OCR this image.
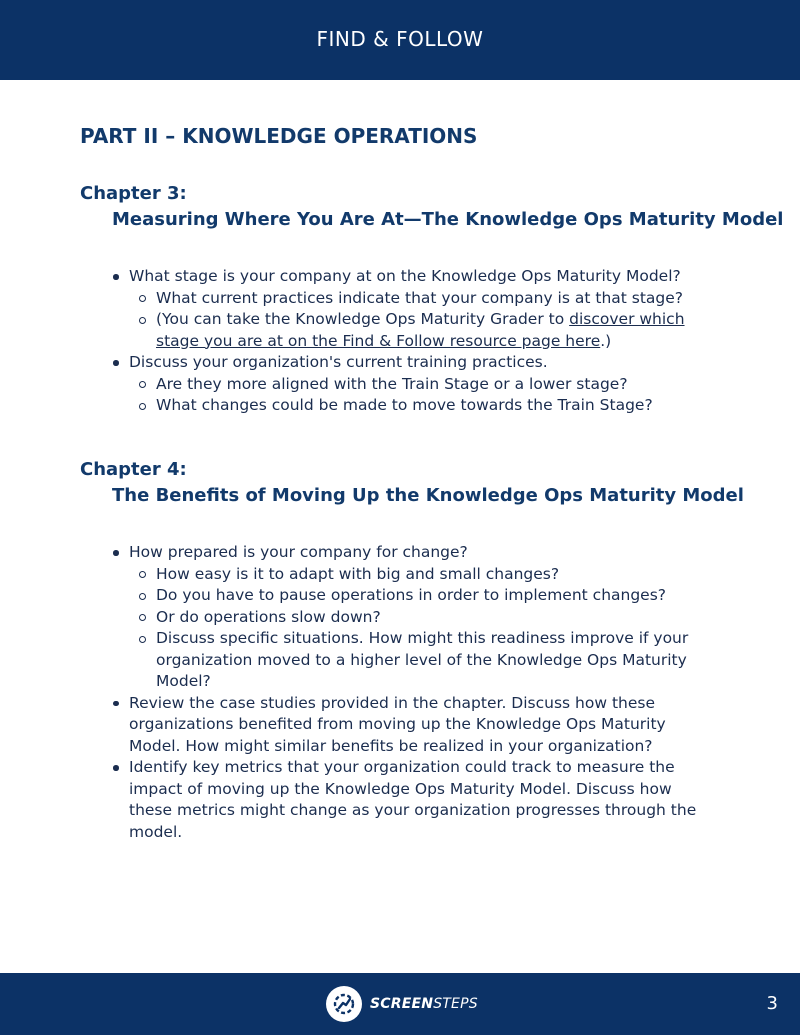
FIND & FOLLOW
PART II – KNOWLEDGE OPERATIONS
Chapter 3:
Measuring Where You Are At—The Knowledge Ops Maturity Model
What stage is your company at on the Knowledge Ops Maturity Model?
What current practices indicate that your company is at that stage?
(You can take the Knowledge Ops Maturity Grader to discover which stage you are at on the Find & Follow resource page here.)
Discuss your organization's current training practices.
Are they more aligned with the Train Stage or a lower stage?
What changes could be made to move towards the Train Stage?
Chapter 4:
The Benefits of Moving Up the Knowledge Ops Maturity Model
How prepared is your company for change?
How easy is it to adapt with big and small changes?
Do you have to pause operations in order to implement changes?
Or do operations slow down?
Discuss specific situations. How might this readiness improve if your organization moved to a higher level of the Knowledge Ops Maturity Model?
Review the case studies provided in the chapter. Discuss how these organizations benefited from moving up the Knowledge Ops Maturity Model. How might similar benefits be realized in your organization?
Identify key metrics that your organization could track to measure the impact of moving up the Knowledge Ops Maturity Model. Discuss how these metrics might change as your organization progresses through the model.
SCREENSTEPS	3
